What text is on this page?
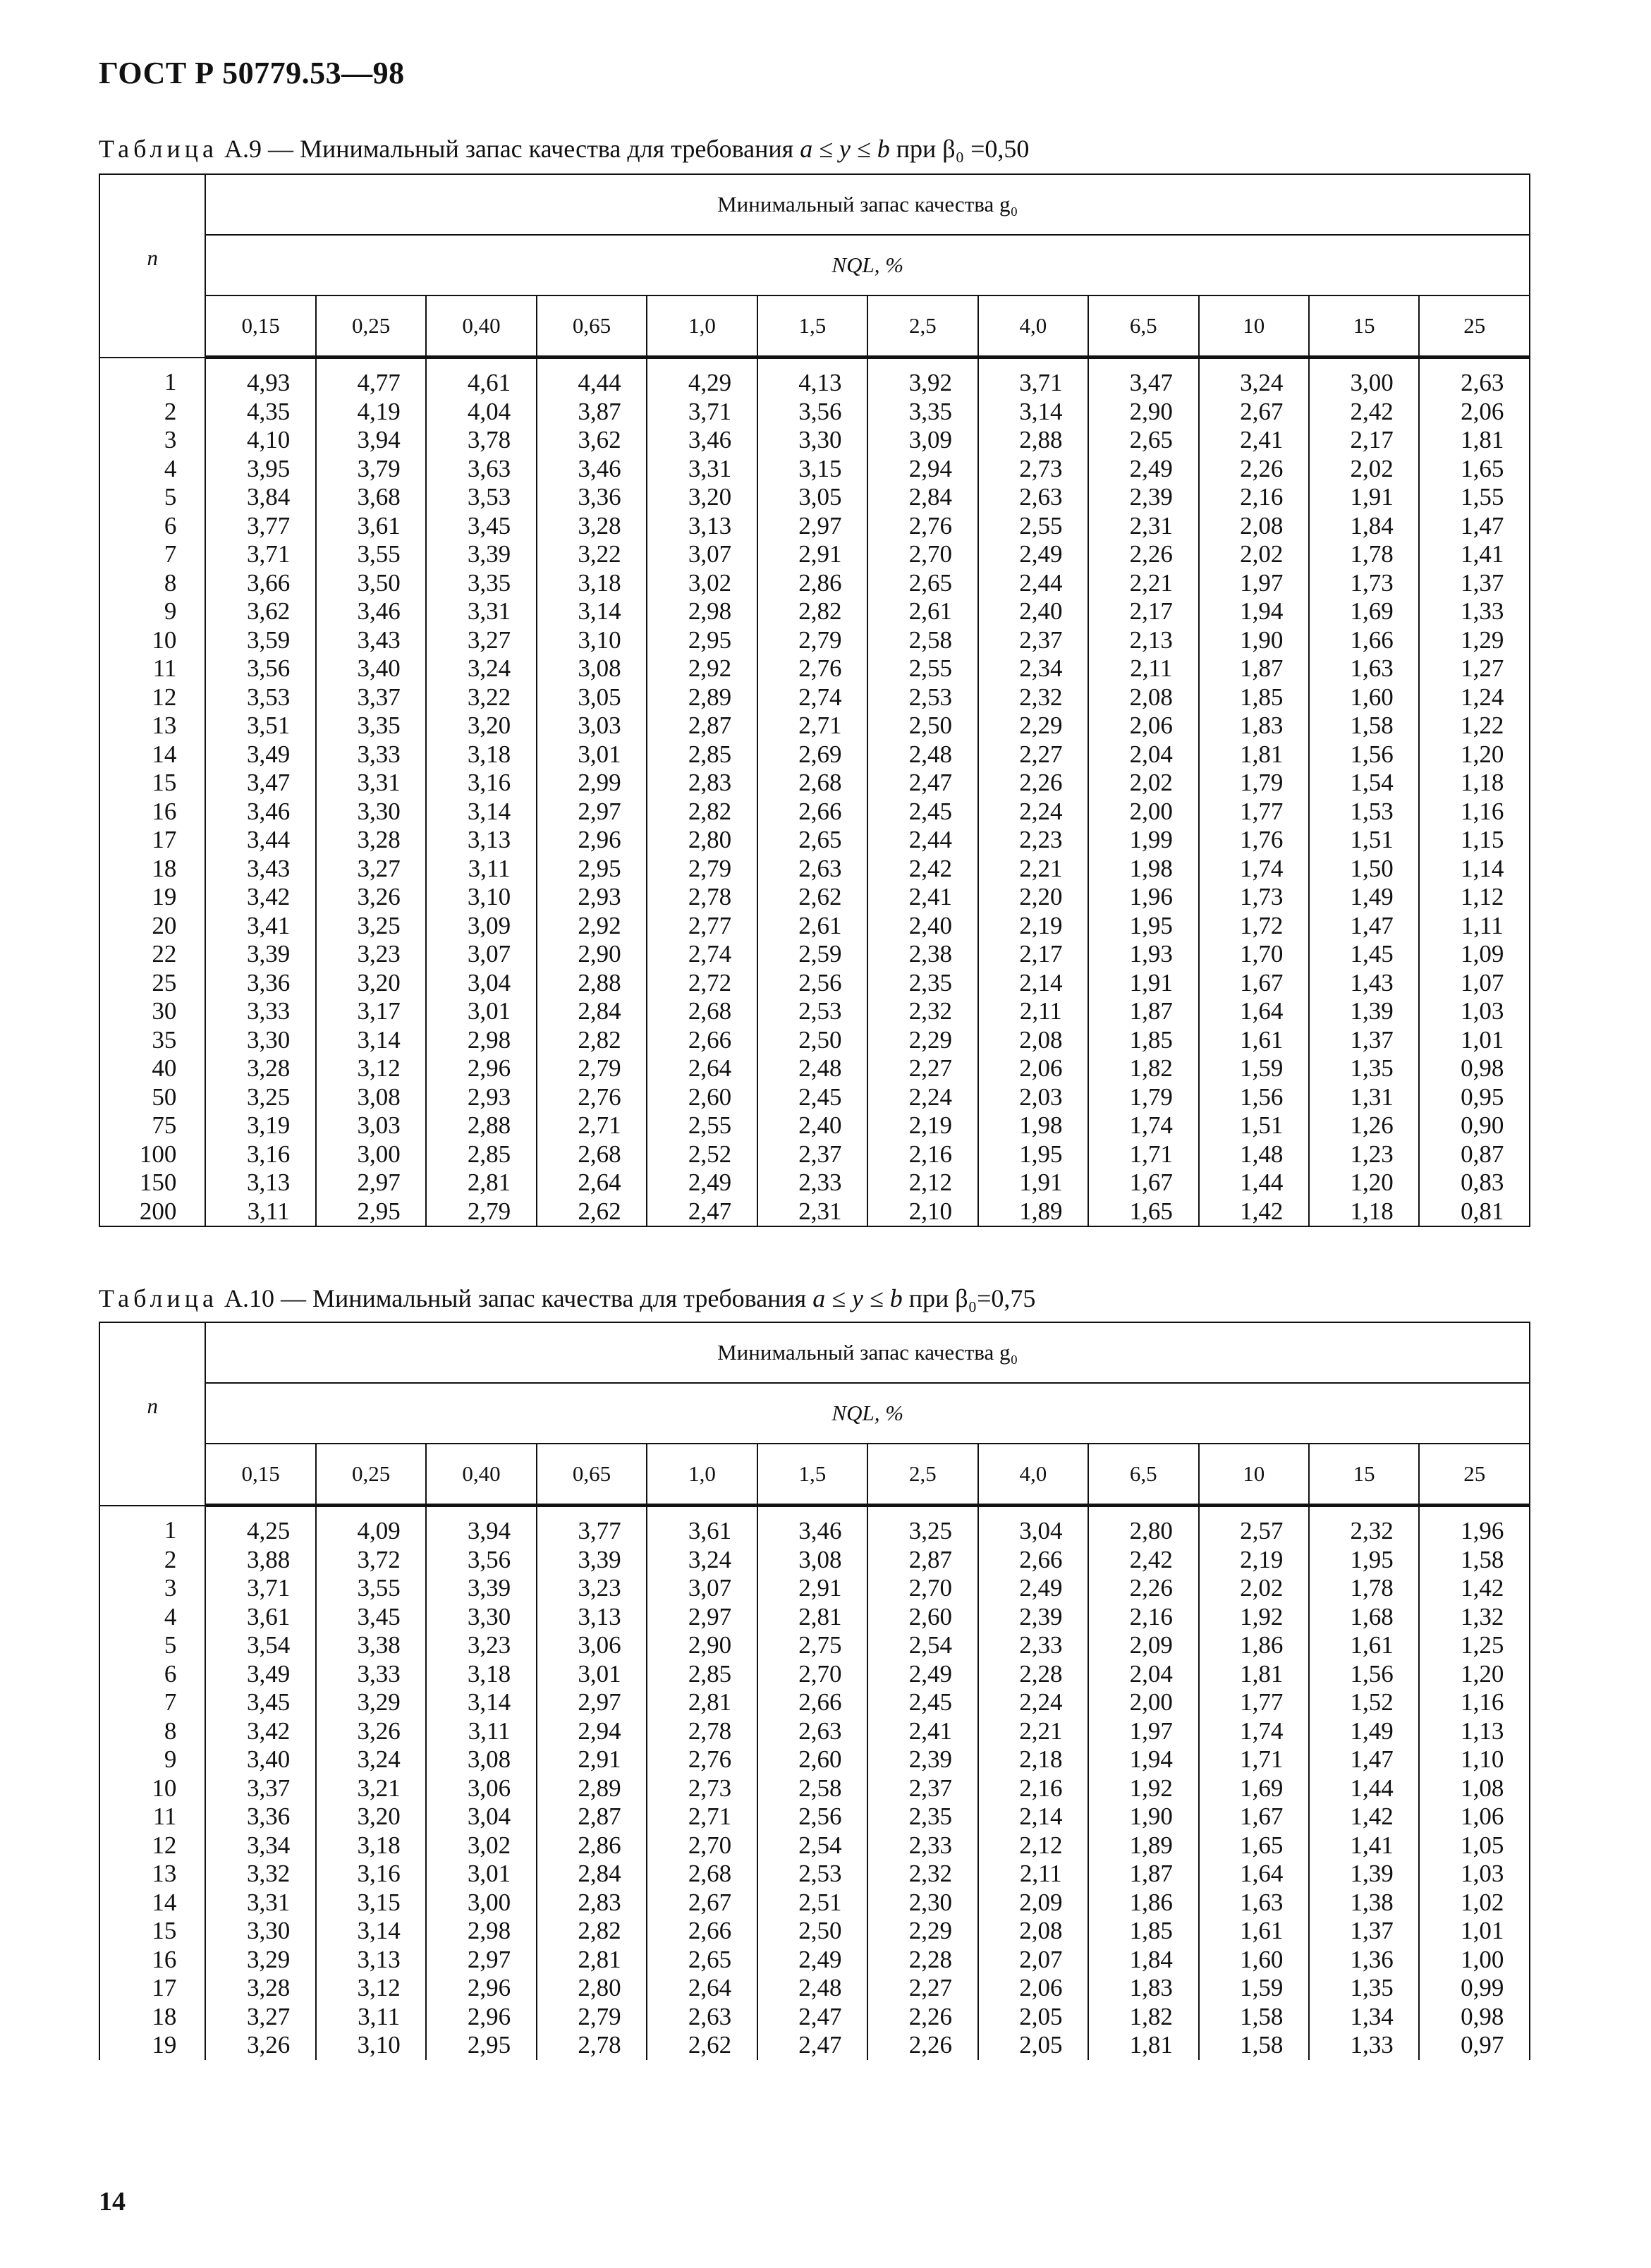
ГОСТ Р 50779.53—98
Таблица А.9 — Минимальный запас качества для требования a ≤ y ≤ b при β₀ =0,50
n	Минимальный запас качества g₀											
	NQL, %											
	0,15	0,25	0,40	0,65	1,0	1,5	2,5	4,0	6,5	10	15	25
1	4,93	4,77	4,61	4,44	4,29	4,13	3,92	3,71	3,47	3,24	3,00	2,63
2	4,35	4,19	4,04	3,87	3,71	3,56	3,35	3,14	2,90	2,67	2,42	2,06
3	4,10	3,94	3,78	3,62	3,46	3,30	3,09	2,88	2,65	2,41	2,17	1,81
4	3,95	3,79	3,63	3,46	3,31	3,15	2,94	2,73	2,49	2,26	2,02	1,65
5	3,84	3,68	3,53	3,36	3,20	3,05	2,84	2,63	2,39	2,16	1,91	1,55
6	3,77	3,61	3,45	3,28	3,13	2,97	2,76	2,55	2,31	2,08	1,84	1,47
7	3,71	3,55	3,39	3,22	3,07	2,91	2,70	2,49	2,26	2,02	1,78	1,41
8	3,66	3,50	3,35	3,18	3,02	2,86	2,65	2,44	2,21	1,97	1,73	1,37
9	3,62	3,46	3,31	3,14	2,98	2,82	2,61	2,40	2,17	1,94	1,69	1,33
10	3,59	3,43	3,27	3,10	2,95	2,79	2,58	2,37	2,13	1,90	1,66	1,29
11	3,56	3,40	3,24	3,08	2,92	2,76	2,55	2,34	2,11	1,87	1,63	1,27
12	3,53	3,37	3,22	3,05	2,89	2,74	2,53	2,32	2,08	1,85	1,60	1,24
13	3,51	3,35	3,20	3,03	2,87	2,71	2,50	2,29	2,06	1,83	1,58	1,22
14	3,49	3,33	3,18	3,01	2,85	2,69	2,48	2,27	2,04	1,81	1,56	1,20
15	3,47	3,31	3,16	2,99	2,83	2,68	2,47	2,26	2,02	1,79	1,54	1,18
16	3,46	3,30	3,14	2,97	2,82	2,66	2,45	2,24	2,00	1,77	1,53	1,16
17	3,44	3,28	3,13	2,96	2,80	2,65	2,44	2,23	1,99	1,76	1,51	1,15
18	3,43	3,27	3,11	2,95	2,79	2,63	2,42	2,21	1,98	1,74	1,50	1,14
19	3,42	3,26	3,10	2,93	2,78	2,62	2,41	2,20	1,96	1,73	1,49	1,12
20	3,41	3,25	3,09	2,92	2,77	2,61	2,40	2,19	1,95	1,72	1,47	1,11
22	3,39	3,23	3,07	2,90	2,74	2,59	2,38	2,17	1,93	1,70	1,45	1,09
25	3,36	3,20	3,04	2,88	2,72	2,56	2,35	2,14	1,91	1,67	1,43	1,07
30	3,33	3,17	3,01	2,84	2,68	2,53	2,32	2,11	1,87	1,64	1,39	1,03
35	3,30	3,14	2,98	2,82	2,66	2,50	2,29	2,08	1,85	1,61	1,37	1,01
40	3,28	3,12	2,96	2,79	2,64	2,48	2,27	2,06	1,82	1,59	1,35	0,98
50	3,25	3,08	2,93	2,76	2,60	2,45	2,24	2,03	1,79	1,56	1,31	0,95
75	3,19	3,03	2,88	2,71	2,55	2,40	2,19	1,98	1,74	1,51	1,26	0,90
100	3,16	3,00	2,85	2,68	2,52	2,37	2,16	1,95	1,71	1,48	1,23	0,87
150	3,13	2,97	2,81	2,64	2,49	2,33	2,12	1,91	1,67	1,44	1,20	0,83
200	3,11	2,95	2,79	2,62	2,47	2,31	2,10	1,89	1,65	1,42	1,18	0,81
Таблица А.10 — Минимальный запас качества для требования a ≤ y ≤ b при β₀=0,75
n	Минимальный запас качества g₀											
	NQL, %											
	0,15	0,25	0,40	0,65	1,0	1,5	2,5	4,0	6,5	10	15	25
1	4,25	4,09	3,94	3,77	3,61	3,46	3,25	3,04	2,80	2,57	2,32	1,96
2	3,88	3,72	3,56	3,39	3,24	3,08	2,87	2,66	2,42	2,19	1,95	1,58
3	3,71	3,55	3,39	3,23	3,07	2,91	2,70	2,49	2,26	2,02	1,78	1,42
4	3,61	3,45	3,30	3,13	2,97	2,81	2,60	2,39	2,16	1,92	1,68	1,32
5	3,54	3,38	3,23	3,06	2,90	2,75	2,54	2,33	2,09	1,86	1,61	1,25
6	3,49	3,33	3,18	3,01	2,85	2,70	2,49	2,28	2,04	1,81	1,56	1,20
7	3,45	3,29	3,14	2,97	2,81	2,66	2,45	2,24	2,00	1,77	1,52	1,16
8	3,42	3,26	3,11	2,94	2,78	2,63	2,41	2,21	1,97	1,74	1,49	1,13
9	3,40	3,24	3,08	2,91	2,76	2,60	2,39	2,18	1,94	1,71	1,47	1,10
10	3,37	3,21	3,06	2,89	2,73	2,58	2,37	2,16	1,92	1,69	1,44	1,08
11	3,36	3,20	3,04	2,87	2,71	2,56	2,35	2,14	1,90	1,67	1,42	1,06
12	3,34	3,18	3,02	2,86	2,70	2,54	2,33	2,12	1,89	1,65	1,41	1,05
13	3,32	3,16	3,01	2,84	2,68	2,53	2,32	2,11	1,87	1,64	1,39	1,03
14	3,31	3,15	3,00	2,83	2,67	2,51	2,30	2,09	1,86	1,63	1,38	1,02
15	3,30	3,14	2,98	2,82	2,66	2,50	2,29	2,08	1,85	1,61	1,37	1,01
16	3,29	3,13	2,97	2,81	2,65	2,49	2,28	2,07	1,84	1,60	1,36	1,00
17	3,28	3,12	2,96	2,80	2,64	2,48	2,27	2,06	1,83	1,59	1,35	0,99
18	3,27	3,11	2,96	2,79	2,63	2,47	2,26	2,05	1,82	1,58	1,34	0,98
19	3,26	3,10	2,95	2,78	2,62	2,47	2,26	2,05	1,81	1,58	1,33	0,97
14
